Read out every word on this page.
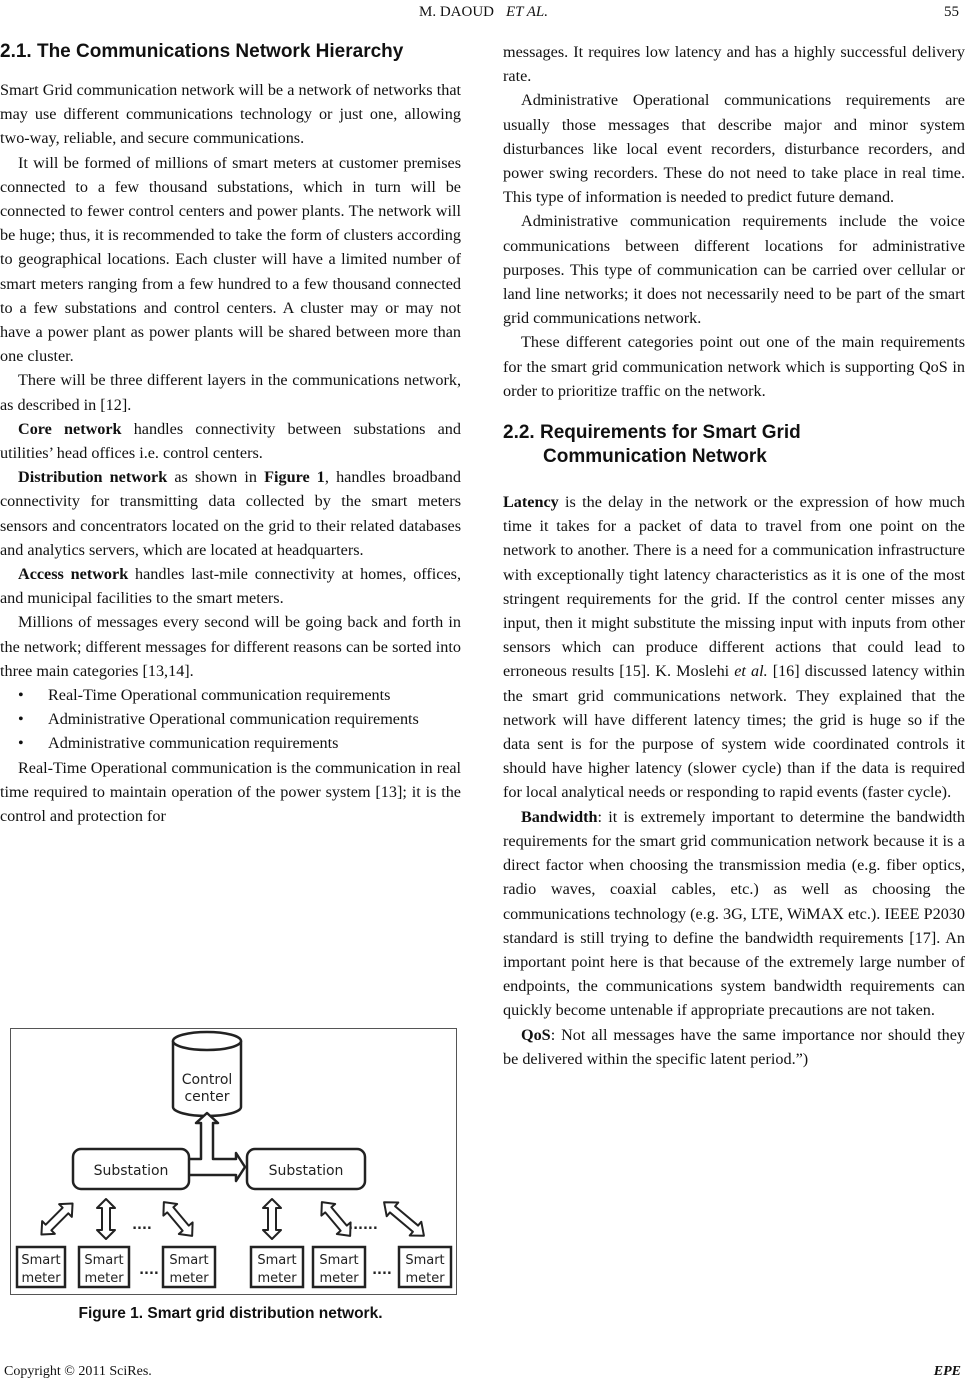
M. DAOUD ET AL.	55
2.1. The Communications Network Hierarchy

Smart Grid communication network will be a network of networks that may use different communications technology or just one, allowing two-way, reliable, and secure communications.

It will be formed of millions of smart meters at customer premises connected to a few thousand substations, which in turn will be connected to fewer control centers and power plants. The network will be huge; thus, it is recommended to take the form of clusters according to geographical locations. Each cluster will have a limited number of smart meters ranging from a few hundred to a few thousand connected to a few substations and control centers. A cluster may or may not have a power plant as power plants will be shared between more than one cluster.

There will be three different layers in the communications network, as described in [12].

Core network handles connectivity between substations and utilities’ head offices i.e. control centers.

Distribution network as shown in Figure 1, handles broadband connectivity for transmitting data collected by the smart meters sensors and concentrators located on the grid to their related databases and analytics servers, which are located at headquarters.

Access network handles last-mile connectivity at homes, offices, and municipal facilities to the smart meters.

Millions of messages every second will be going back and forth in the network; different messages for different reasons can be sorted into three main categories [13,14].

• Real-Time Operational communication requirements
• Administrative Operational communication requirements
• Administrative communication requirements

Real-Time Operational communication is the communication in real time required to maintain operation of the power system [13]; it is the control and protection for

Control
center
Substation	Substation
....	......
Smart
meter
Smart
meter
....
Smart
meter
Smart
meter
Smart
meter
....
Smart
meter
Figure 1. Smart grid distribution network.

messages. It requires low latency and has a highly successful delivery rate.

Administrative Operational communications requirements are usually those messages that describe major and minor system disturbances like local event recorders, disturbance recorders, and power swing recorders. These do not need to take place in real time. This type of information is needed to predict future demand.

Administrative communication requirements include the voice communications between different locations for administrative purposes. This type of communication can be carried over cellular or land line networks; it does not necessarily need to be part of the smart grid communications network.

These different categories point out one of the main requirements for the smart grid communication network which is supporting QoS in order to prioritize traffic on the network.

2.2. Requirements for Smart Grid
Communication Network

Latency is the delay in the network or the expression of how much time it takes for a packet of data to travel from one point on the network to another. There is a need for a communication infrastructure with exceptionally tight latency characteristics as it is one of the most stringent requirements for the grid. If the control center misses any input, then it might substitute the missing input with inputs from other sensors which can produce different actions that could lead to erroneous results [15]. K. Moslehi et al. [16] discussed latency within the smart grid communications network. They explained that the network will have different latency times; the grid is huge so if the data sent is for the purpose of system wide coordinated controls it should have higher latency (slower cycle) than if the data is required for local analytical needs or responding to rapid events (faster cycle).

Bandwidth: it is extremely important to determine the bandwidth requirements for the smart grid communication network because it is a direct factor when choosing the transmission media (e.g. fiber optics, radio waves, coaxial cables, etc.) as well as choosing the communications technology (e.g. 3G, LTE, WiMAX etc.). IEEE P2030 standard is still trying to define the bandwidth requirements [17]. An important point here is that because of the extremely large number of endpoints, the communications system bandwidth requirements can quickly become untenable if appropriate precautions are not taken.

QoS: Not all messages have the same importance nor should they be delivered within the specific latent period.”)

Copyright © 2011 SciRes.	EPE
